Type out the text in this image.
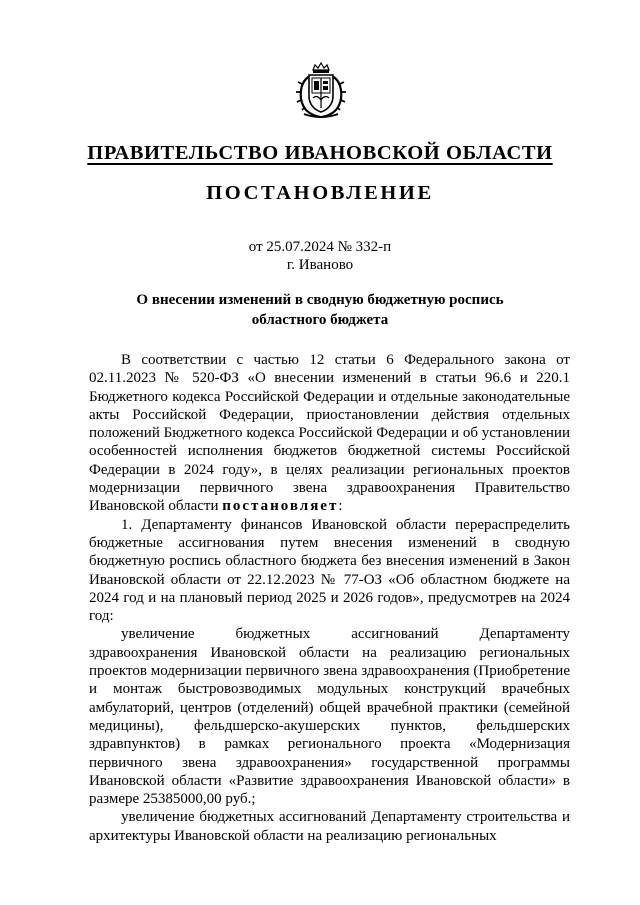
ПРАВИТЕЛЬСТВО ИВАНОВСКОЙ ОБЛАСТИ
ПОСТАНОВЛЕНИЕ
от 25.07.2024 № 332-п
г. Иваново
О внесении изменений в сводную бюджетную роспись
областного бюджета

В соответствии с частью 12 статьи 6 Федерального закона от 02.11.2023 № 520-ФЗ «О внесении изменений в статьи 96.6 и 220.1 Бюджетного кодекса Российской Федерации и отдельные законодательные акты Российской Федерации, приостановлении действия отдельных положений Бюджетного кодекса Российской Федерации и об установлении особенностей исполнения бюджетов бюджетной системы Российской Федерации в 2024 году», в целях реализации региональных проектов модернизации первичного звена здравоохранения Правительство Ивановской области постановляет:

1. Департаменту финансов Ивановской области перераспределить бюджетные ассигнования путем внесения изменений в сводную бюджетную роспись областного бюджета без внесения изменений в Закон Ивановской области от 22.12.2023 № 77-ОЗ «Об областном бюджете на 2024 год и на плановый период 2025 и 2026 годов», предусмотрев на 2024 год:

увеличение бюджетных ассигнований Департаменту здравоохранения Ивановской области на реализацию региональных проектов модернизации первичного звена здравоохранения (Приобретение и монтаж быстровозводимых модульных конструкций врачебных амбулаторий, центров (отделений) общей врачебной практики (семейной медицины), фельдшерско-акушерских пунктов, фельдшерских здравпунктов) в рамках регионального проекта «Модернизация первичного звена здравоохранения» государственной программы Ивановской области «Развитие здравоохранения Ивановской области» в размере 25385000,00 руб.;

увеличение бюджетных ассигнований Департаменту строительства и архитектуры Ивановской области на реализацию региональных
